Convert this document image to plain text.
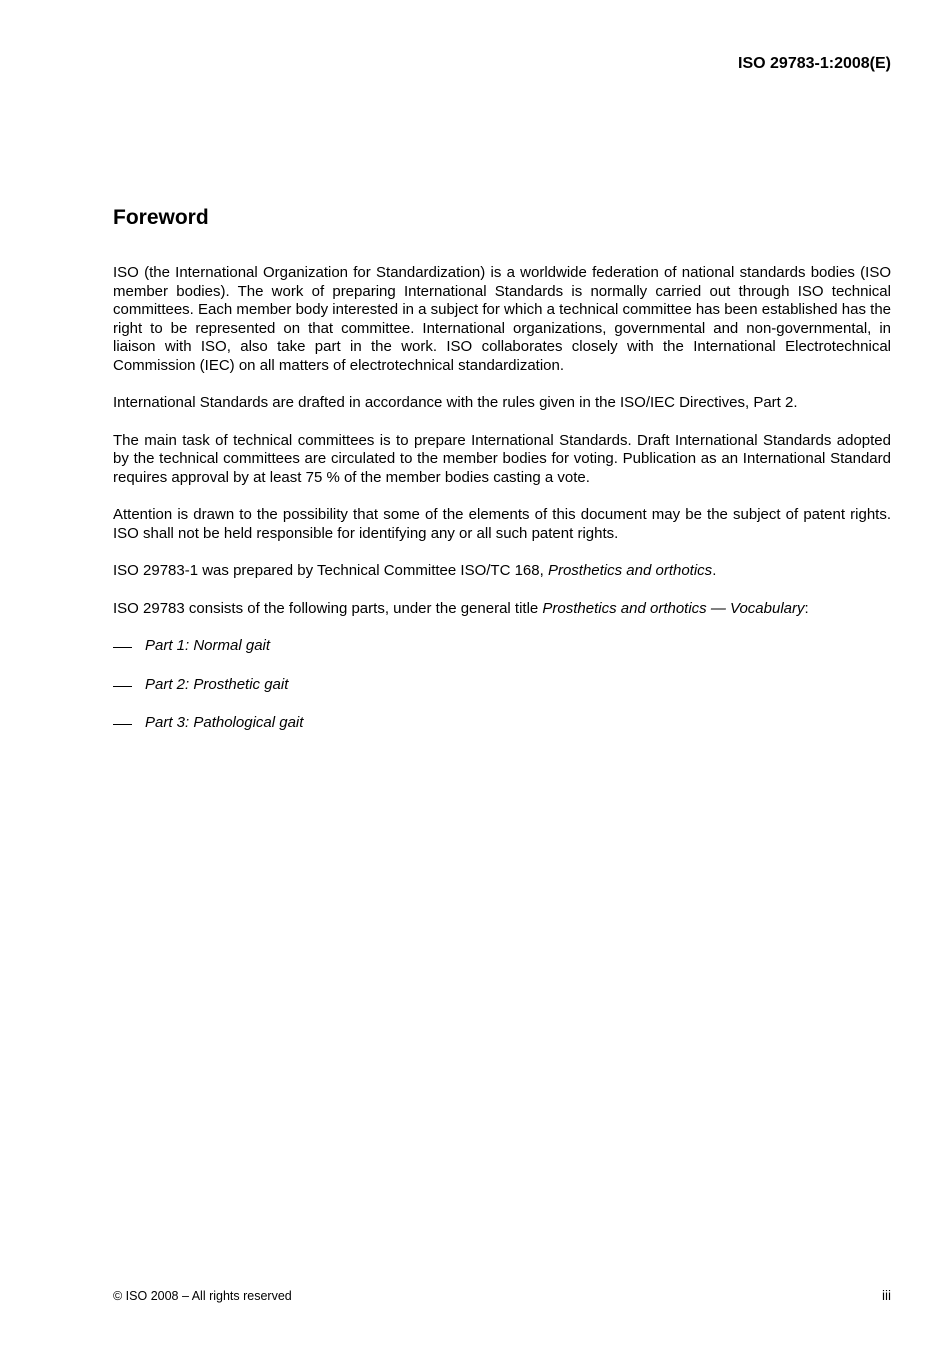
ISO 29783-1:2008(E)
Foreword

ISO (the International Organization for Standardization) is a worldwide federation of national standards bodies (ISO member bodies). The work of preparing International Standards is normally carried out through ISO technical committees. Each member body interested in a subject for which a technical committee has been established has the right to be represented on that committee. International organizations, governmental and non-governmental, in liaison with ISO, also take part in the work. ISO collaborates closely with the International Electrotechnical Commission (IEC) on all matters of electrotechnical standardization.

International Standards are drafted in accordance with the rules given in the ISO/IEC Directives, Part 2.

The main task of technical committees is to prepare International Standards. Draft International Standards adopted by the technical committees are circulated to the member bodies for voting. Publication as an International Standard requires approval by at least 75 % of the member bodies casting a vote.

Attention is drawn to the possibility that some of the elements of this document may be the subject of patent rights. ISO shall not be held responsible for identifying any or all such patent rights.

ISO 29783-1 was prepared by Technical Committee ISO/TC 168, Prosthetics and orthotics.

ISO 29783 consists of the following parts, under the general title Prosthetics and orthotics — Vocabulary:

Part 1: Normal gait
Part 2: Prosthetic gait
Part 3: Pathological gait
© ISO 2008 – All rights reserved	iii
